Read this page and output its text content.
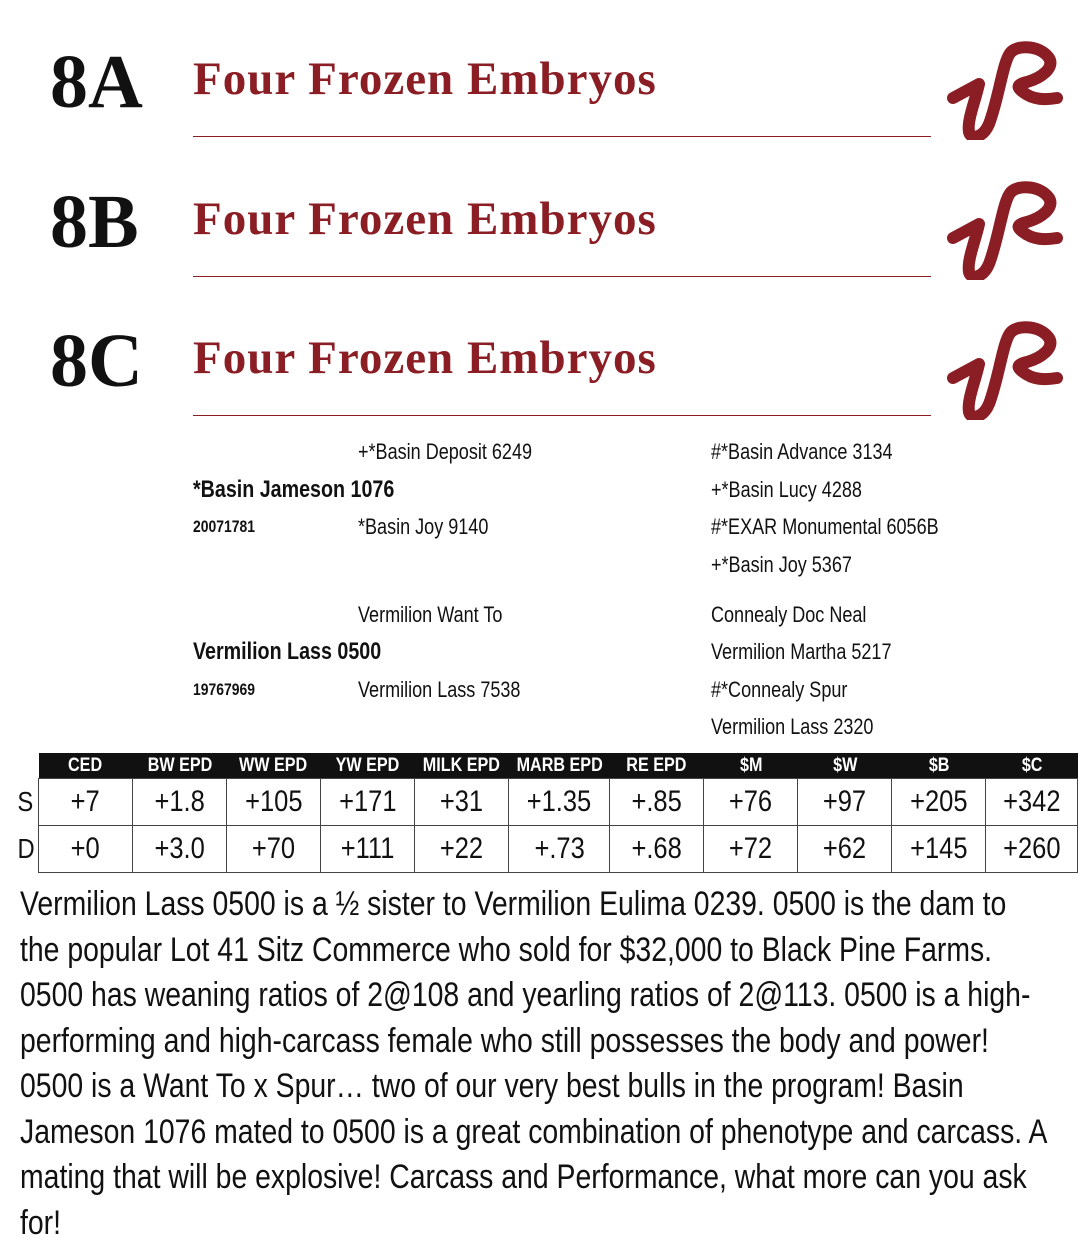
8A Four Frozen Embryos
8B Four Frozen Embryos
8C Four Frozen Embryos
+*Basin Deposit 6249	#*Basin Advance 3134
*Basin Jameson 1076	+*Basin Lucy 4288
20071781	*Basin Joy 9140	#*EXAR Monumental 6056B
+*Basin Joy 5367
Vermilion Want To	Connealy Doc Neal
Vermilion Lass 0500	Vermilion Martha 5217
19767969	Vermilion Lass 7538	#*Connealy Spur
Vermilion Lass 2320
	CED	BW EPD	WW EPD	YW EPD	MILK EPD	MARB EPD	RE EPD	$M	$W	$B	$C
S	+7	+1.8	+105	+171	+31	+1.35	+.85	+76	+97	+205	+342
D	+0	+3.0	+70	+111	+22	+.73	+.68	+72	+62	+145	+260
Vermilion Lass 0500 is a ½ sister to Vermilion Eulima 0239. 0500 is the dam to
the popular Lot 41 Sitz Commerce who sold for $32,000 to Black Pine Farms.
0500 has weaning ratios of 2@108 and yearling ratios of 2@113. 0500 is a high-
performing and high-carcass female who still possesses the body and power!
0500 is a Want To x Spur… two of our very best bulls in the program! Basin
Jameson 1076 mated to 0500 is a great combination of phenotype and carcass. A
mating that will be explosive! Carcass and Performance, what more can you ask
for!
